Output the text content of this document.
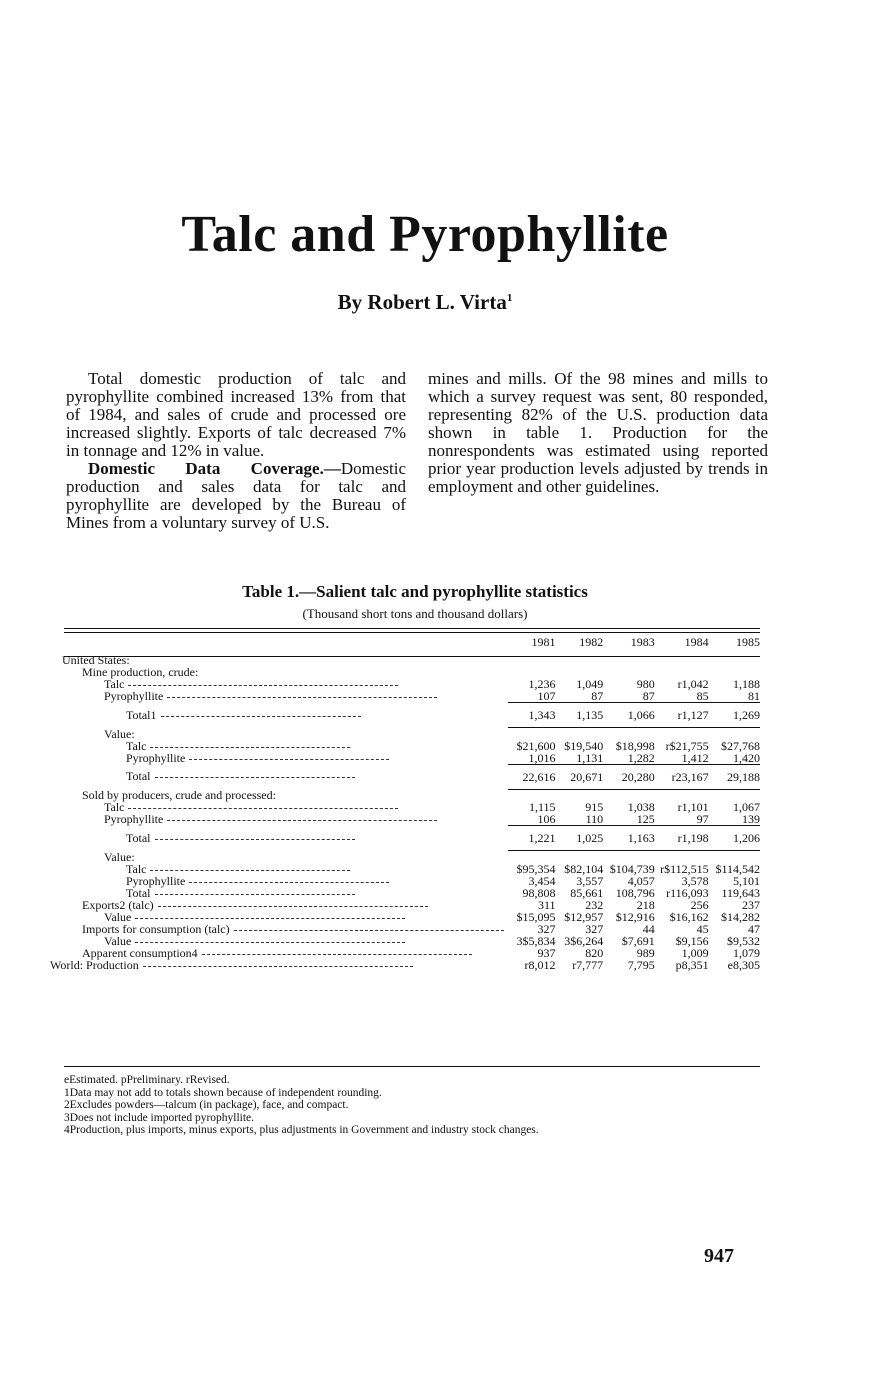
Talc and Pyrophyllite
By Robert L. Virta$^1$

Total domestic production of talc and pyrophyllite combined increased 13% from that of 1984, and sales of crude and processed ore increased slightly. Exports of talc decreased 7% in tonnage and 12% in value.

Domestic Data Coverage.—Domestic production and sales data for talc and pyrophyllite are developed by the Bureau of Mines from a voluntary survey of U.S.

mines and mills. Of the 98 mines and mills to which a survey request was sent, 80 responded, representing 82% of the U.S. production data shown in table 1. Production for the nonrespondents was estimated using reported prior year production levels adjusted by trends in employment and other guidelines.

Table 1.—Salient talc and pyrophyllite statistics
(Thousand short tons and thousand dollars)
	1981	1982	1983	1984	1985
United States:					
Mine production, crude:					
Talc	1,236	1,049	980	r1,042	1,188
Pyrophyllite	107	87	87	85	81
Total1	1,343	1,135	1,066	r1,127	1,269
Value:					
Talc	$21,600	$19,540	$18,998	r$21,755	$27,768
Pyrophyllite	1,016	1,131	1,282	1,412	1,420
Total	22,616	20,671	20,280	r23,167	29,188
Sold by producers, crude and processed:					
Talc	1,115	915	1,038	r1,101	1,067
Pyrophyllite	106	110	125	97	139
Total	1,221	1,025	1,163	r1,198	1,206
Value:					
Talc	$95,354	$82,104	$104,739	r$112,515	$114,542
Pyrophyllite	3,454	3,557	4,057	3,578	5,101
Total	98,808	85,661	108,796	r116,093	119,643
Exports2 (talc)	311	232	218	256	237
Value	$15,095	$12,957	$12,916	$16,162	$14,282
Imports for consumption (talc)	327	327	44	45	47
Value	3$5,834	3$6,264	$7,691	$9,156	$9,532
Apparent consumption4	937	820	989	1,009	1,079
World: Production	r8,012	r7,777	7,795	p8,351	e8,305
eEstimated. pPreliminary. rRevised.
1Data may not add to totals shown because of independent rounding.
2Excludes powders—talcum (in package), face, and compact.
3Does not include imported pyrophyllite.
4Production, plus imports, minus exports, plus adjustments in Government and industry stock changes.
947
